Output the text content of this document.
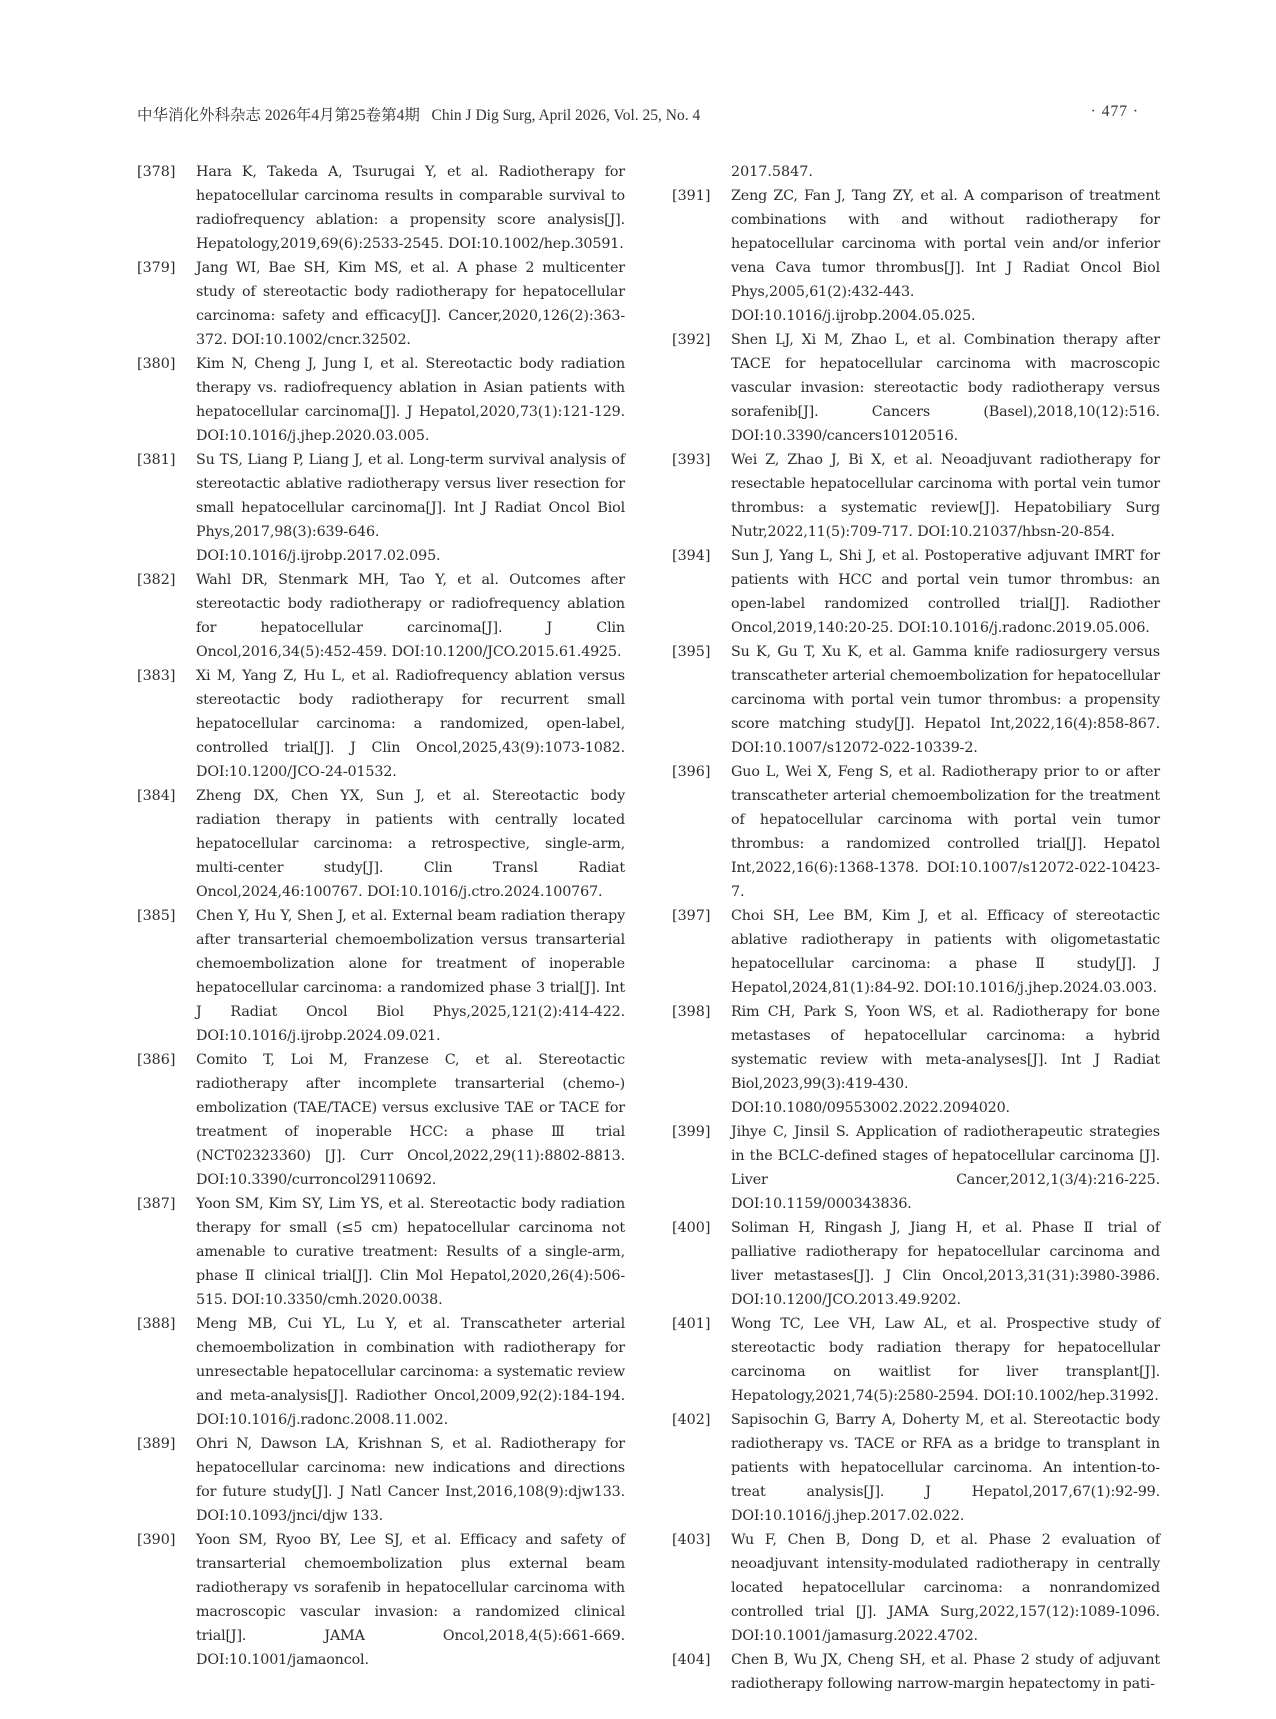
中华消化外科杂志 2026年4月第25卷第4期 Chin J Dig Surg, April 2026, Vol. 25, No. 4	· 477 ·
[378]	Hara K, Takeda A, Tsurugai Y, et al. Radiotherapy for hepatocellular carcinoma results in comparable survival to radiofrequency ablation: a propensity score analysis[J]. Hepatology,2019,69(6):2533-2545. DOI:10.1002/hep.30591.
[379]	Jang WI, Bae SH, Kim MS, et al. A phase 2 multicenter study of stereotactic body radiotherapy for hepatocellular carcinoma: safety and efficacy[J]. Cancer,2020,126(2):363-372. DOI:10.1002/cncr.32502.
[380]	Kim N, Cheng J, Jung I, et al. Stereotactic body radiation therapy vs. radiofrequency ablation in Asian patients with hepatocellular carcinoma[J]. J Hepatol,2020,73(1):121-129. DOI:10.1016/j.jhep.2020.03.005.
[381]	Su TS, Liang P, Liang J, et al. Long-term survival analysis of stereotactic ablative radiotherapy versus liver resection for small hepatocellular carcinoma[J]. Int J Radiat Oncol Biol Phys,2017,98(3):639-646. DOI:10.1016/j.ijrobp.2017.02.095.
[382]	Wahl DR, Stenmark MH, Tao Y, et al. Outcomes after stereotactic body radiotherapy or radiofrequency ablation for hepatocellular carcinoma[J]. J Clin Oncol,2016,34(5):452-459. DOI:10.1200/JCO.2015.61.4925.
[383]	Xi M, Yang Z, Hu L, et al. Radiofrequency ablation versus stereotactic body radiotherapy for recurrent small hepatocellular carcinoma: a randomized, open-label, controlled trial[J]. J Clin Oncol,2025,43(9):1073-1082. DOI:10.1200/JCO-24-01532.
[384]	Zheng DX, Chen YX, Sun J, et al. Stereotactic body radiation therapy in patients with centrally located hepatocellular carcinoma: a retrospective, single-arm, multi-center study[J]. Clin Transl Radiat Oncol,2024,46:100767. DOI:10.1016/j.ctro.2024.100767.
[385]	Chen Y, Hu Y, Shen J, et al. External beam radiation therapy after transarterial chemoembolization versus transarterial chemoembolization alone for treatment of inoperable hepatocellular carcinoma: a randomized phase 3 trial[J]. Int J Radiat Oncol Biol Phys,2025,121(2):414-422. DOI:10.1016/j.ijrobp.2024.09.021.
[386]	Comito T, Loi M, Franzese C, et al. Stereotactic radiotherapy after incomplete transarterial (chemo-) embolization (TAE/TACE) versus exclusive TAE or TACE for treatment of inoperable HCC: a phase Ⅲ trial (NCT02323360) [J]. Curr Oncol,2022,29(11):8802-8813. DOI:10.3390/curroncol29110692.
[387]	Yoon SM, Kim SY, Lim YS, et al. Stereotactic body radiation therapy for small (≤5 cm) hepatocellular carcinoma not amenable to curative treatment: Results of a single-arm, phase Ⅱ clinical trial[J]. Clin Mol Hepatol,2020,26(4):506-515. DOI:10.3350/cmh.2020.0038.
[388]	Meng MB, Cui YL, Lu Y, et al. Transcatheter arterial chemoembolization in combination with radiotherapy for unresectable hepatocellular carcinoma: a systematic review and meta-analysis[J]. Radiother Oncol,2009,92(2):184-194. DOI:10.1016/j.radonc.2008.11.002.
[389]	Ohri N, Dawson LA, Krishnan S, et al. Radiotherapy for hepatocellular carcinoma: new indications and directions for future study[J]. J Natl Cancer Inst,2016,108(9):djw133. DOI:10.1093/jnci/djw 133.
[390]	Yoon SM, Ryoo BY, Lee SJ, et al. Efficacy and safety of transarterial chemoembolization plus external beam radiotherapy vs sorafenib in hepatocellular carcinoma with macroscopic vascular invasion: a randomized clinical trial[J]. JAMA Oncol,2018,4(5):661-669. DOI:10.1001/jamaoncol.
2017.5847.
[391]	Zeng ZC, Fan J, Tang ZY, et al. A comparison of treatment combinations with and without radiotherapy for hepatocellular carcinoma with portal vein and/or inferior vena Cava tumor thrombus[J]. Int J Radiat Oncol Biol Phys,2005,61(2):432-443. DOI:10.1016/j.ijrobp.2004.05.025.
[392]	Shen LJ, Xi M, Zhao L, et al. Combination therapy after TACE for hepatocellular carcinoma with macroscopic vascular invasion: stereotactic body radiotherapy versus sorafenib[J]. Cancers (Basel),2018,10(12):516. DOI:10.3390/cancers10120516.
[393]	Wei Z, Zhao J, Bi X, et al. Neoadjuvant radiotherapy for resectable hepatocellular carcinoma with portal vein tumor thrombus: a systematic review[J]. Hepatobiliary Surg Nutr,2022,11(5):709-717. DOI:10.21037/hbsn-20-854.
[394]	Sun J, Yang L, Shi J, et al. Postoperative adjuvant IMRT for patients with HCC and portal vein tumor thrombus: an open-label randomized controlled trial[J]. Radiother Oncol,2019,140:20-25. DOI:10.1016/j.radonc.2019.05.006.
[395]	Su K, Gu T, Xu K, et al. Gamma knife radiosurgery versus transcatheter arterial chemoembolization for hepatocellular carcinoma with portal vein tumor thrombus: a propensity score matching study[J]. Hepatol Int,2022,16(4):858-867. DOI:10.1007/s12072-022-10339-2.
[396]	Guo L, Wei X, Feng S, et al. Radiotherapy prior to or after transcatheter arterial chemoembolization for the treatment of hepatocellular carcinoma with portal vein tumor thrombus: a randomized controlled trial[J]. Hepatol Int,2022,16(6):1368-1378. DOI:10.1007/s12072-022-10423-7.
[397]	Choi SH, Lee BM, Kim J, et al. Efficacy of stereotactic ablative radiotherapy in patients with oligometastatic hepatocellular carcinoma: a phase Ⅱ study[J]. J Hepatol,2024,81(1):84-92. DOI:10.1016/j.jhep.2024.03.003.
[398]	Rim CH, Park S, Yoon WS, et al. Radiotherapy for bone metastases of hepatocellular carcinoma: a hybrid systematic review with meta-analyses[J]. Int J Radiat Biol,2023,99(3):419-430. DOI:10.1080/09553002.2022.2094020.
[399]	Jihye C, Jinsil S. Application of radiotherapeutic strategies in the BCLC-defined stages of hepatocellular carcinoma [J]. Liver Cancer,2012,1(3/4):216-225. DOI:10.1159/000343836.
[400]	Soliman H, Ringash J, Jiang H, et al. Phase Ⅱ trial of palliative radiotherapy for hepatocellular carcinoma and liver metastases[J]. J Clin Oncol,2013,31(31):3980-3986. DOI:10.1200/JCO.2013.49.9202.
[401]	Wong TC, Lee VH, Law AL, et al. Prospective study of stereotactic body radiation therapy for hepatocellular carcinoma on waitlist for liver transplant[J]. Hepatology,2021,74(5):2580-2594. DOI:10.1002/hep.31992.
[402]	Sapisochin G, Barry A, Doherty M, et al. Stereotactic body radiotherapy vs. TACE or RFA as a bridge to transplant in patients with hepatocellular carcinoma. An intention-to-treat analysis[J]. J Hepatol,2017,67(1):92-99. DOI:10.1016/j.jhep.2017.02.022.
[403]	Wu F, Chen B, Dong D, et al. Phase 2 evaluation of neoadjuvant intensity-modulated radiotherapy in centrally located hepatocellular carcinoma: a nonrandomized controlled trial [J]. JAMA Surg,2022,157(12):1089-1096. DOI:10.1001/jamasurg.2022.4702.
[404]	Chen B, Wu JX, Cheng SH, et al. Phase 2 study of adjuvant radiotherapy following narrow-margin hepatectomy in pati-
